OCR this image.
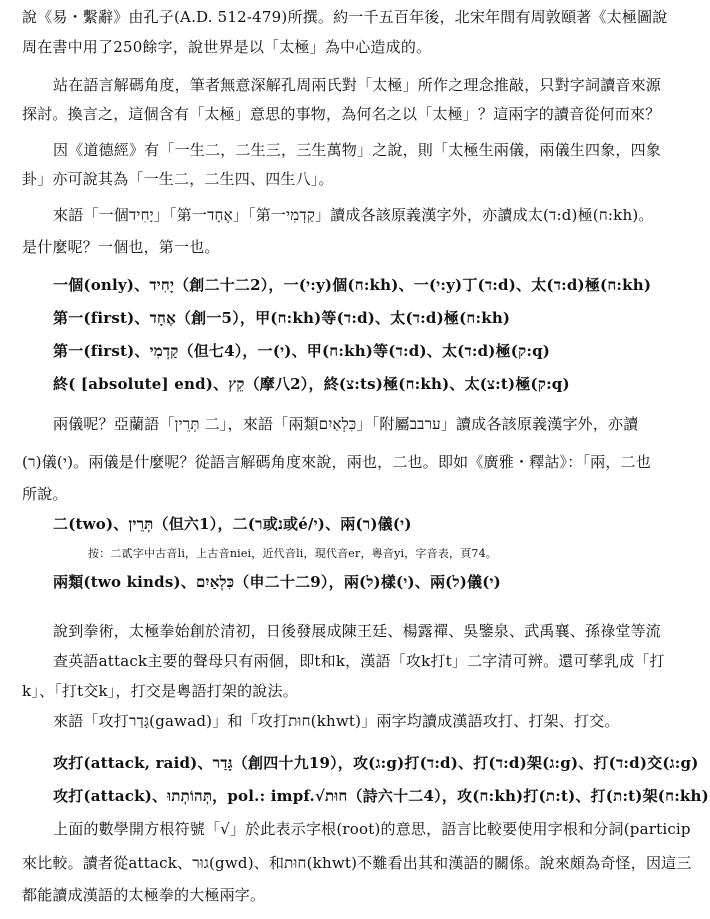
說《易・繫辭》由孔子(A.D. 512-479)所撰。約一千五百年後，北宋年間有周敦頤著《太極圖說
周在書中用了250餘字，說世界是以「太極」為中心造成的。
站在語言解碼角度，筆者無意深解孔周兩氏對「太極」所作之理念推敲，只對字詞讀音來源
探討。換言之，這個含有「太極」意思的事物，為何名之以「太極」？這兩字的讀音從何而來？
因《道德經》有「一生二，二生三，三生萬物」之說，則「太極生兩儀，兩儀生四象，四象
卦」亦可說其為「一生二，二生四、四生八」。
來語「一個יָחִיד」「第一אֶחָד」「第一קַדְמִי」讀成各該原義漢字外，亦讀成太(ד:d)極(ח:kh)。
是什麼呢？一個也，第一也。
一個(only)、יָחִיד（創二十二2），一(י:y)個(ח:kh)、一(י:y)丁(ד:d)、太(ד:d)極(ח:kh)
第一(first)、אֶחָד（創一5），甲(ח:kh)等(ד:d)、太(ד:d)極(ח:kh)
第一(first)、קַדְמִי（但七4），一(י)、甲(ח:kh)等(ד:d)、太(ד:d)極(ק:q)
終( [absolute] end)、קֵץ（摩八2），終(צ:ts)極(ח:kh)、太(צ:t)極(ק:q)
兩儀呢？亞蘭語「תְּרֵין 二」，來語「兩類כִּלְאַיִם」「附屬ערבב」讀成各該原義漢字外，亦讀
(ר)儀(י)。兩儀是什麼呢？從語言解碼角度來說，兩也，二也。即如《廣雅・釋詁》：「兩，二也
所說。
二(two)、תְּרֵין（但六1），二(ר或נ或é/י)、兩(ר)儀(י)
按：二貳字中古音li，上古音niei，近代音li，現代音er，粵音yi，字音表，頁74。
兩類(two kinds)、כִּלְאַיִם（申二十二9），兩(ל)樣(י)、兩(ל)儀(י)
說到拳術，太極拳始創於清初，日後發展成陳王廷、楊露禪、吳鑒泉、武禹襄、孫祿堂等流
查英語attack主要的聲母只有兩個，即t和k，漢語「攻k打t」二字清可辨。還可孳乳成「打
k」、「打t交k」，打交是粵語打架的說法。
來語「攻打גָּדַר(gawad)」和「攻打חוּת(khwt)」兩字均讀成漢語攻打、打架、打交。
攻打(attack, raid)、גָּדַר（創四十九19），攻(ג:g)打(ד:d)、打(ד:d)架(ג:g)、打(ד:d)交(ג:g)
攻打(attack)、תְּהוֹתְתוּ，pol.: impf.√חוּת（詩六十二4），攻(ח:kh)打(ת:t)、打(ת:t)架(ח:kh)
上面的數學開方根符號「√」於此表示字根(root)的意思，語言比較要使用字根和分詞(particip
來比較。讀者從attack、גוּר(gwd)、和חוּת(khwt)不難看出其和漢語的關係。說來頗為奇怪，因這三
都能讀成漢語的太極拳的大極兩字。
